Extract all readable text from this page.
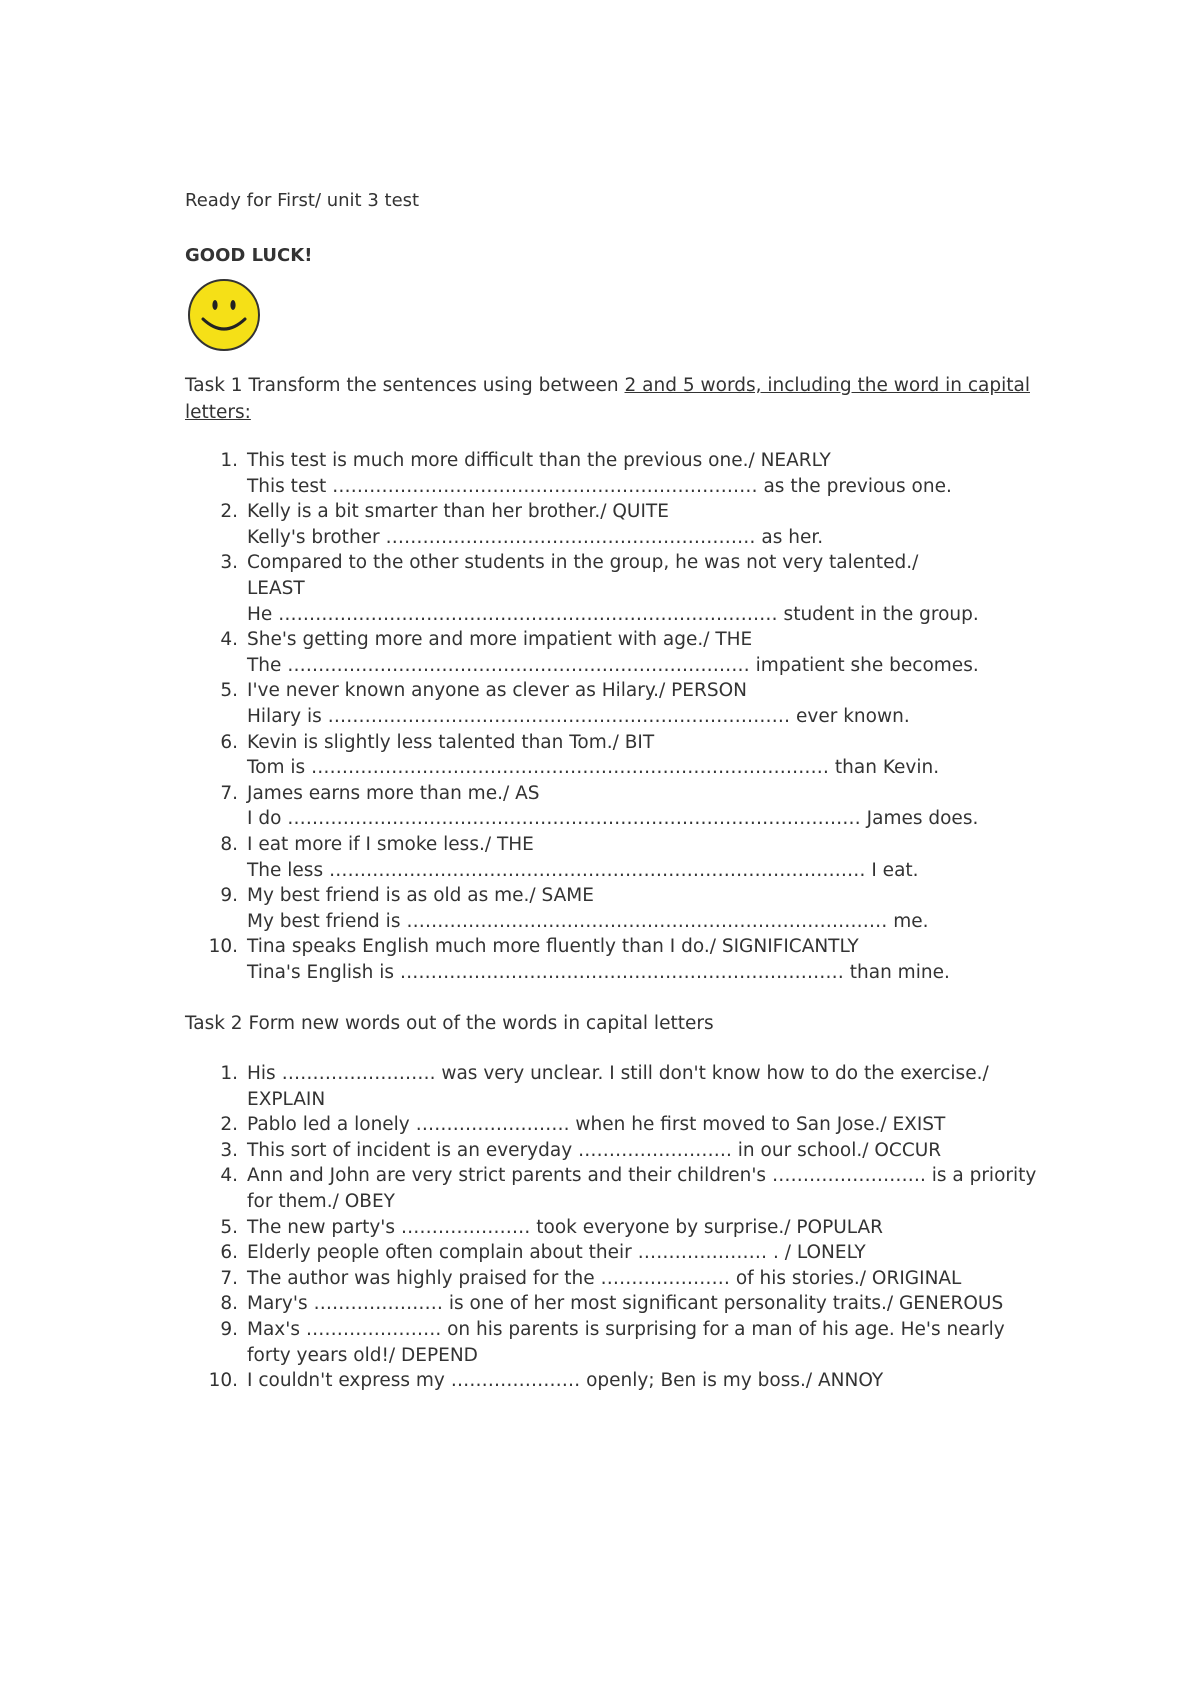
Ready for First/ unit 3 test
GOOD LUCK!
Task 1 Transform the sentences using between 2 and 5 words, including the word in capital letters:
1. This test is much more difficult than the previous one./ NEARLY
This test …………………………………………………………… as the previous one.
2. Kelly is a bit smarter than her brother./ QUITE
Kelly's brother …………………………………………………… as her.
3. Compared to the other students in the group, he was not very talented./
LEAST
He ……………………………………………………………………… student in the group.
4. She's getting more and more impatient with age./ THE
The ………………………………………………………………… impatient she becomes.
5. I've never known anyone as clever as Hilary./ PERSON
Hilary is ………………………………………………………………… ever known.
6. Kevin is slightly less talented than Tom./ BIT
Tom is ………………………………………………………………………… than Kevin.
7. James earns more than me./ AS
I do ………………………………………………………………………………… James does.
8. I eat more if I smoke less./ THE
The less …………………………………………………………………………… I eat.
9. My best friend is as old as me./ SAME
My best friend is …………………………………………………………………… me.
10. Tina speaks English much more fluently than I do./ SIGNIFICANTLY
Tina's English is ……………………………………………………………… than mine.
Task 2 Form new words out of the words in capital letters
1. His ……………………. was very unclear. I still don't know how to do the exercise./ EXPLAIN
2. Pablo led a lonely ……………………. when he first moved to San Jose./ EXIST
3. This sort of incident is an everyday ……………………. in our school./ OCCUR
4. Ann and John are very strict parents and their children's ……………………. is a priority for them./ OBEY
5. The new party's ………………… took everyone by surprise./ POPULAR
6. Elderly people often complain about their ………………… . / LONELY
7. The author was highly praised for the ………………… of his stories./ ORIGINAL
8. Mary's ………………… is one of her most significant personality traits./ GENEROUS
9. Max's …………………. on his parents is surprising for a man of his age. He's nearly forty years old!/ DEPEND
10. I couldn't express my ………………… openly; Ben is my boss./ ANNOY
